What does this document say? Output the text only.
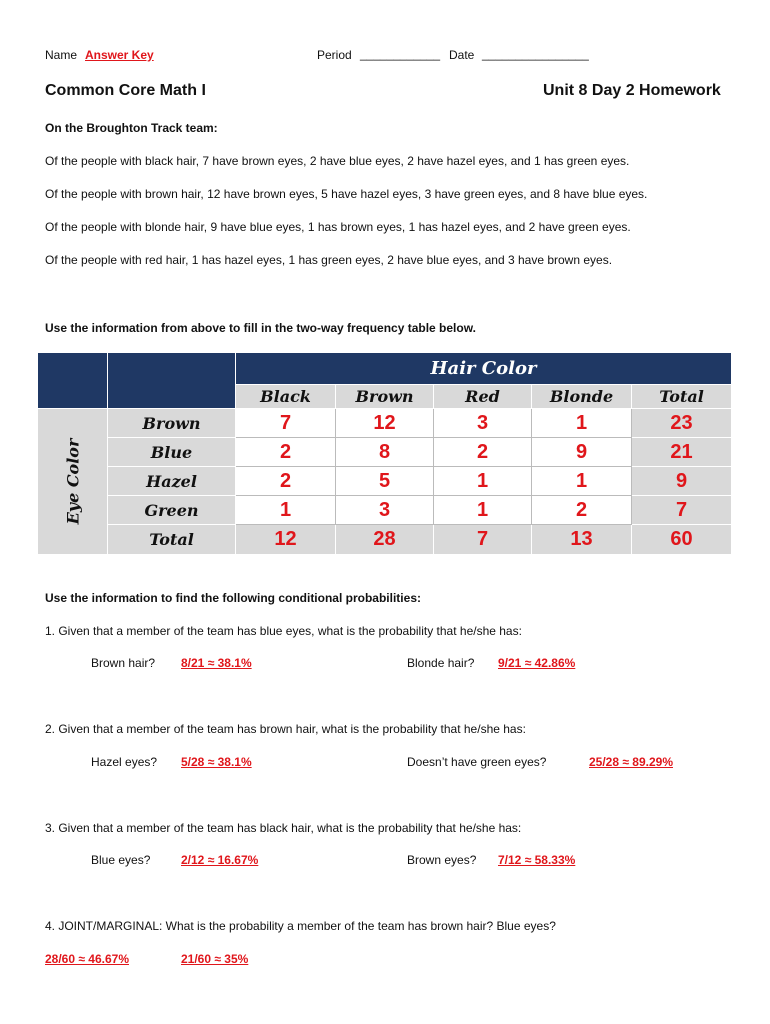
Name Answer Key	Period ____________ Date ________________
Common Core Math I	Unit 8 Day 2 Homework
On the Broughton Track team:
Of the people with black hair, 7 have brown eyes, 2 have blue eyes, 2 have hazel eyes, and 1 has green eyes.
Of the people with brown hair, 12 have brown eyes, 5 have hazel eyes, 3 have green eyes, and 8 have blue eyes.
Of the people with blonde hair, 9 have blue eyes, 1 has brown eyes, 1 has hazel eyes, and 2 have green eyes.
Of the people with red hair, 1 has hazel eyes, 1 has green eyes, 2 have blue eyes, and 3 have brown eyes.
Use the information from above to fill in the two-way frequency table below.
Hair Color
Black	Brown	Red	Blonde	Total
Eye Color
Brown	7	12	3	1	23
Blue	2	8	2	9	21
Hazel	2	5	1	1	9
Green	1	3	1	2	7
Total	12	28	7	13	60
Use the information to find the following conditional probabilities:
1. Given that a member of the team has blue eyes, what is the probability that he/she has:
Brown hair? 8/21 ≈ 38.1%	Blonde hair? 9/21 ≈ 42.86%
2. Given that a member of the team has brown hair, what is the probability that he/she has:
Hazel eyes? 5/28 ≈ 38.1%	Doesn’t have green eyes?	25/28 ≈ 89.29%
3. Given that a member of the team has black hair, what is the probability that he/she has:
Blue eyes?	2/12 ≈ 16.67%	Brown eyes? 7/12 ≈ 58.33%
4. JOINT/MARGINAL: What is the probability a member of the team has brown hair? Blue eyes?
28/60 ≈ 46.67%	21/60 ≈ 35%
